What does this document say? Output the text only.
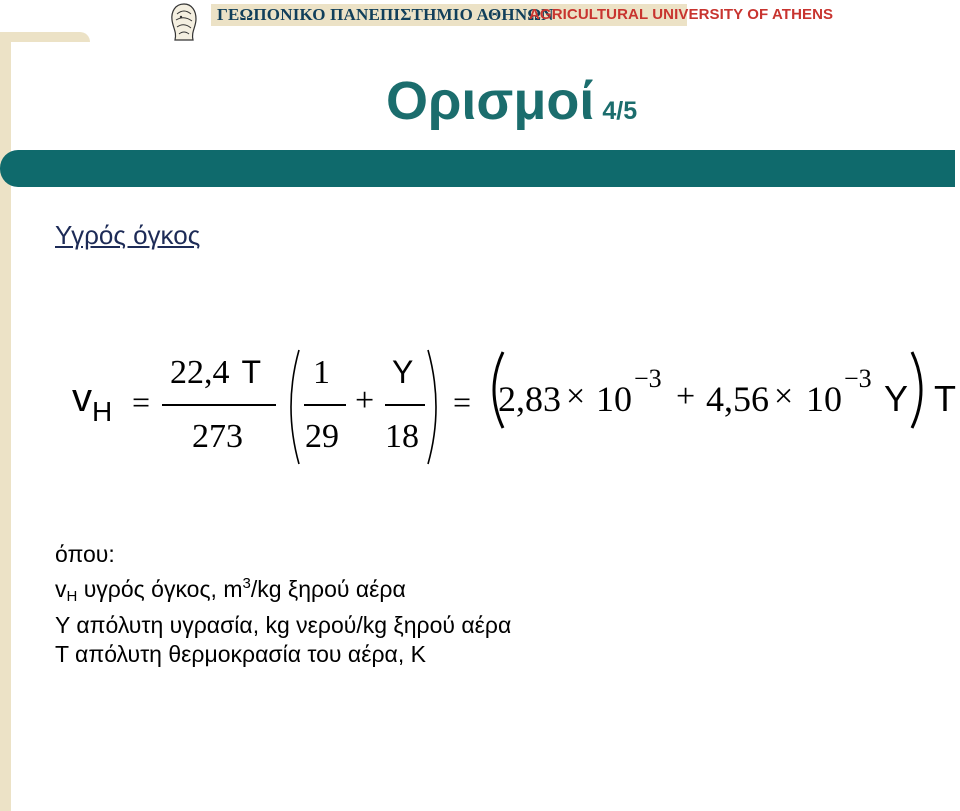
ΓΕΩΠΟΝΙΚΟ ΠΑΝΕΠΙΣΤΗΜΙΟ ΑΘΗΝΩΝ
AGRICULTURAL UNIVERSITY OF ATHENS
Ορισμοί 4/5
Υγρός όγκος
$v_H$ =
22,4 T
273
1
29
+
Y
18
= 2,83 × 10
−3 + 4,56 × 10
−3 Y T
όπου:
$v_H$ υγρός όγκος, $m^3/kg$ ξηρού αέρα
Y απόλυτη υγρασία, kg νερού/kg ξηρού αέρα
T απόλυτη θερμοκρασία του αέρα, K
